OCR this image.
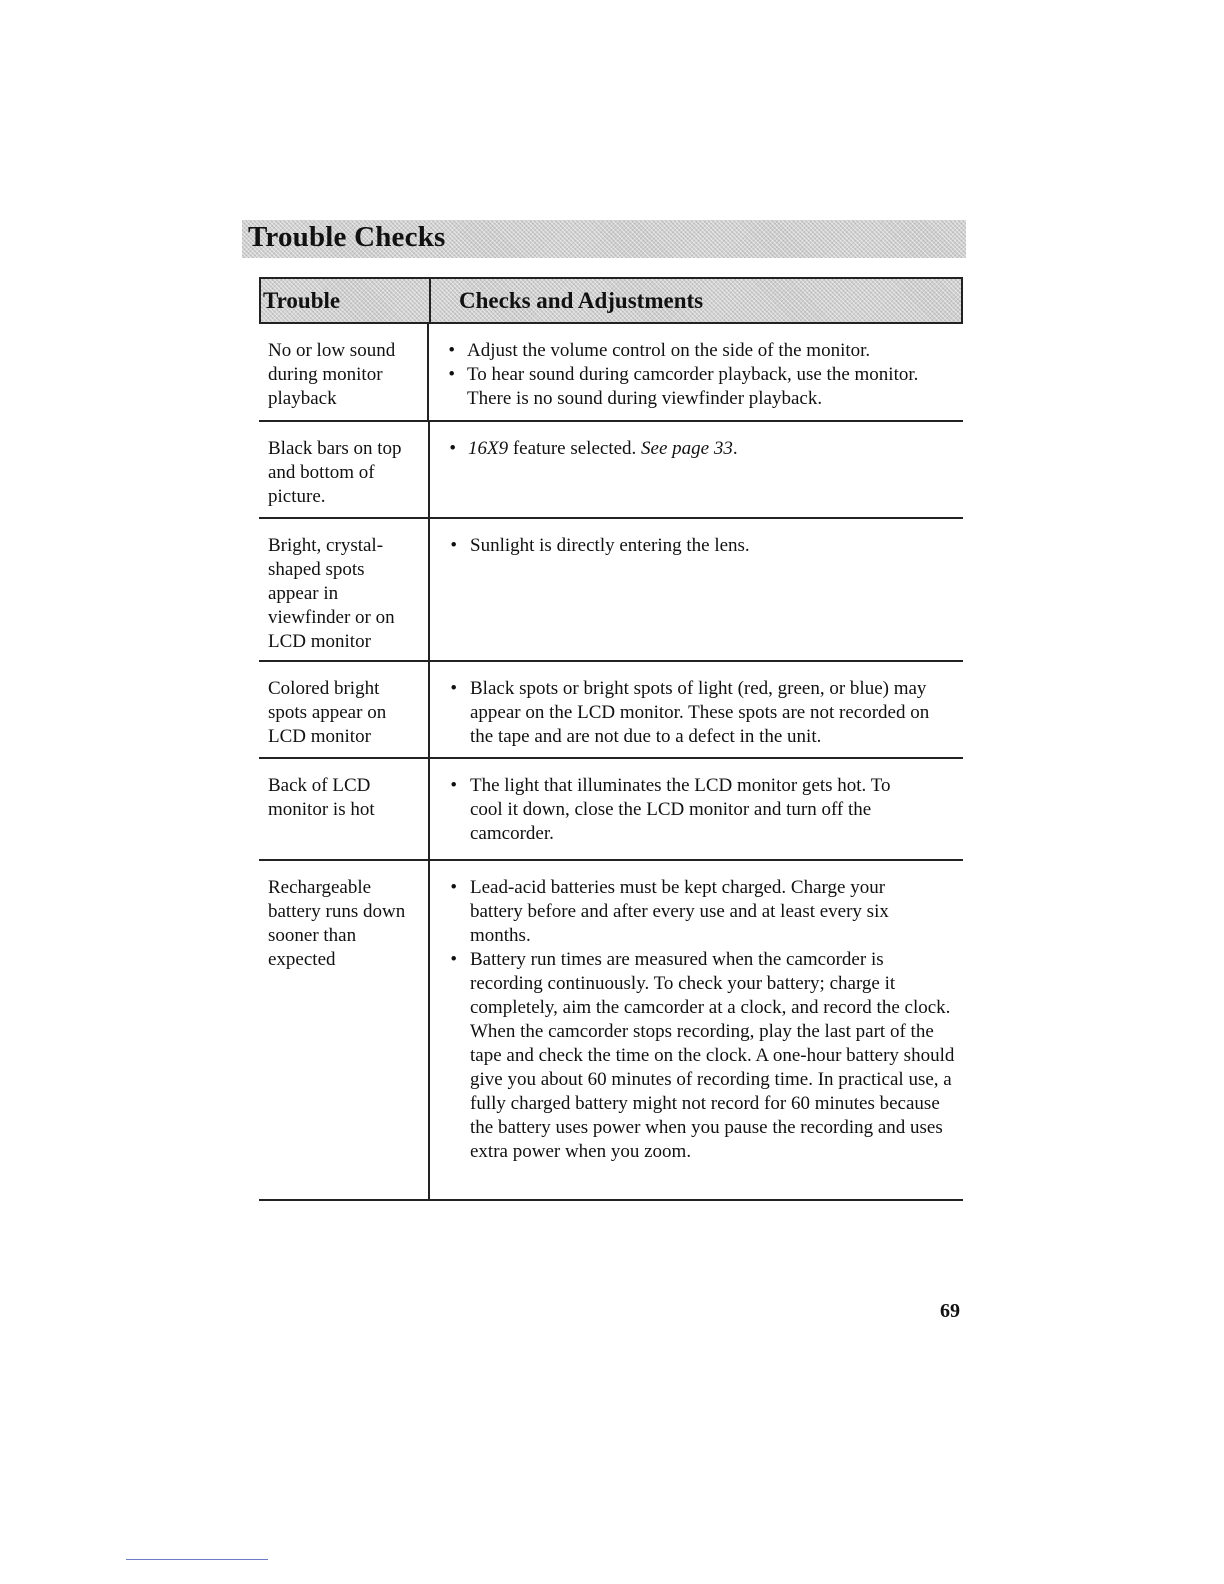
Trouble Checks
Trouble	Checks and Adjustments
No or low sound during monitor playback
• Adjust the volume control on the side of the monitor.
• To hear sound during camcorder playback, use the monitor. There is no sound during viewfinder playback.
Black bars on top and bottom of picture.
• 16X9 feature selected. See page 33.
Bright, crystal-shaped spots appear in viewfinder or on LCD monitor
• Sunlight is directly entering the lens.
Colored bright spots appear on LCD monitor
• Black spots or bright spots of light (red, green, or blue) may appear on the LCD monitor. These spots are not recorded on the tape and are not due to a defect in the unit.
Back of LCD monitor is hot
• The light that illuminates the LCD monitor gets hot. To cool it down, close the LCD monitor and turn off the camcorder.
Rechargeable battery runs down sooner than expected
• Lead-acid batteries must be kept charged. Charge your battery before and after every use and at least every six months.
• Battery run times are measured when the camcorder is recording continuously. To check your battery; charge it completely, aim the camcorder at a clock, and record the clock. When the camcorder stops recording, play the last part of the tape and check the time on the clock. A one-hour battery should give you about 60 minutes of recording time. In practical use, a fully charged battery might not record for 60 minutes because the battery uses power when you pause the recording and uses extra power when you zoom.
69
